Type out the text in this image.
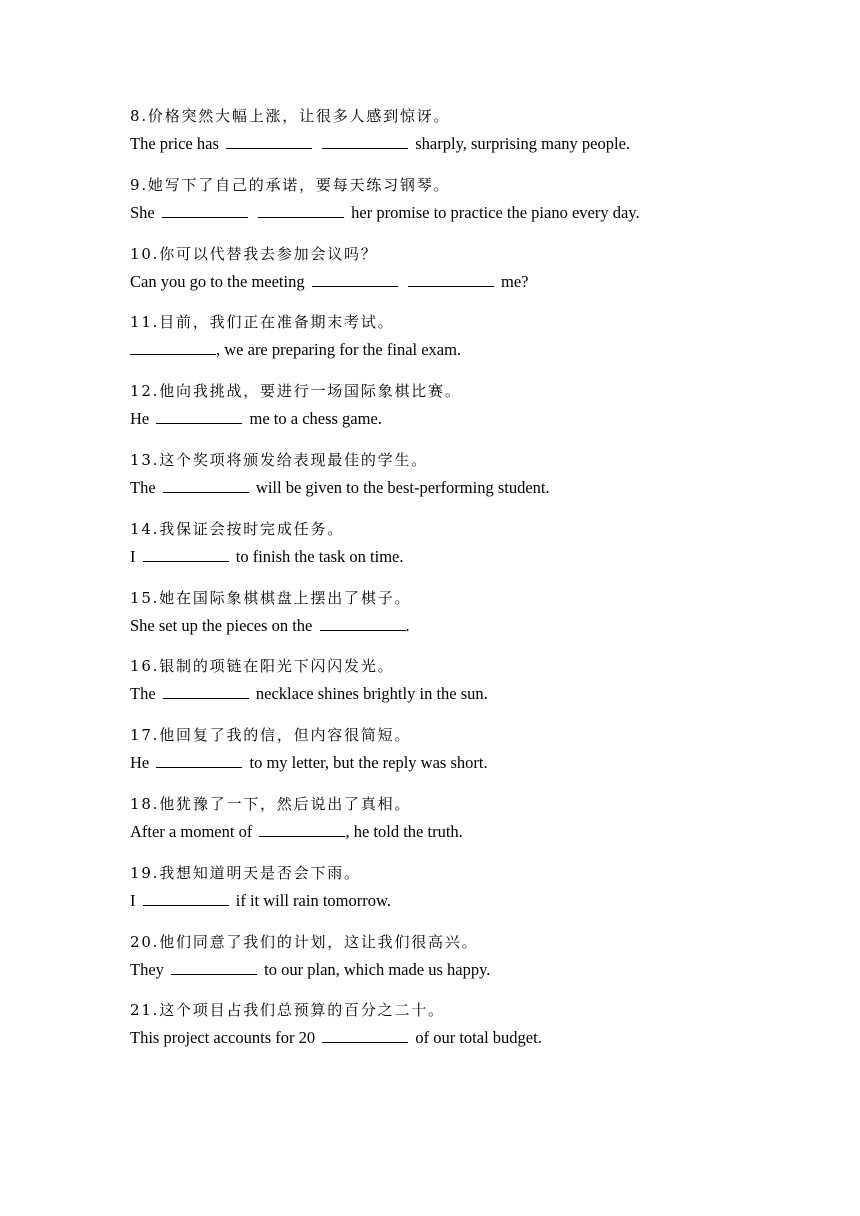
8.价格突然大幅上涨，让很多人感到惊讶。
The price has	sharply, surprising many people.
9.她写下了自己的承诺，要每天练习钢琴。
She	her promise to practice the piano every day.
10.你可以代替我去参加会议吗？
Can you go to the meeting	me?
11.目前，我们正在准备期末考试。
, we are preparing for the final exam.
12.他向我挑战，要进行一场国际象棋比赛。
He	me to a chess game.
13.这个奖项将颁发给表现最佳的学生。
The	will be given to the best-performing student.
14.我保证会按时完成任务。
I	to finish the task on time.
15.她在国际象棋棋盘上摆出了棋子。
She set up the pieces on the	.
16.银制的项链在阳光下闪闪发光。
The	necklace shines brightly in the sun.
17.他回复了我的信，但内容很简短。
He	to my letter, but the reply was short.
18.他犹豫了一下，然后说出了真相。
After a moment of	, he told the truth.
19.我想知道明天是否会下雨。
I	if it will rain tomorrow.
20.他们同意了我们的计划，这让我们很高兴。
They	to our plan, which made us happy.
21.这个项目占我们总预算的百分之二十。
This project accounts for 20	of our total budget.
